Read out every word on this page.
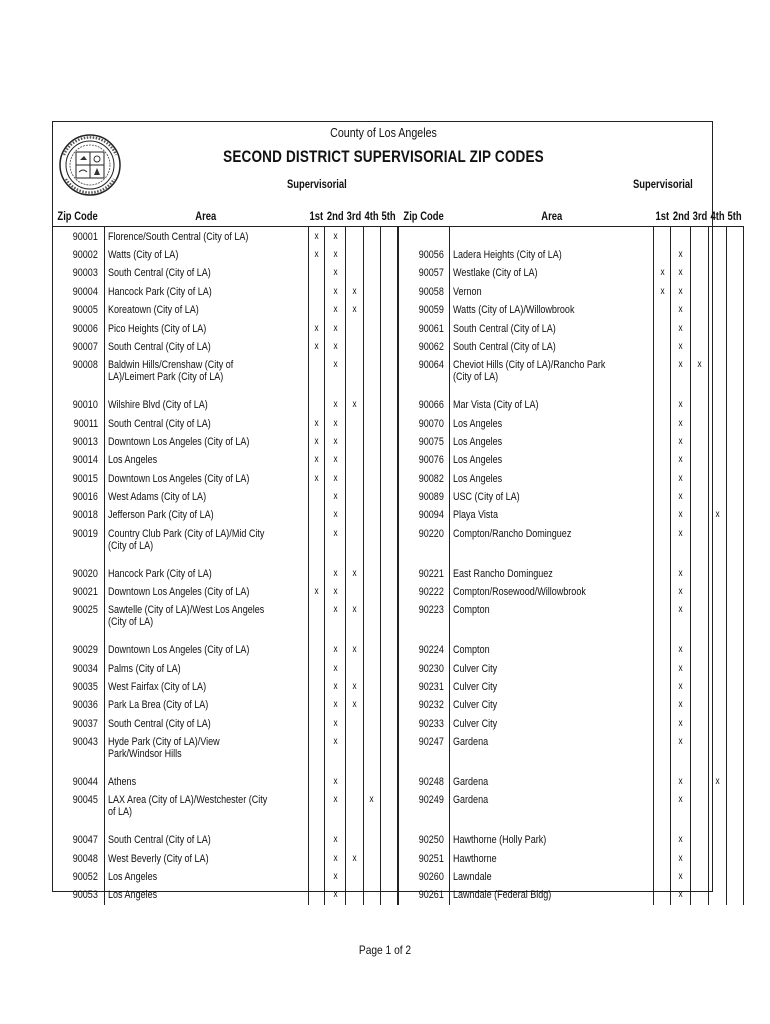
County of Los Angeles
SECOND DISTRICT SUPERVISORIAL ZIP CODES
Supervisorial	Supervisorial
Zip Code	Area	1st	2nd	3rd	4th	5th		Zip Code	Area	1st	2nd	3rd	4th	5th
90001	Florence/South Central (City of LA)	x	x											
90002	Watts (City of LA)	x	x					90056	Ladera Heights (City of LA)		x			
90003	South Central (City of LA)		x					90057	Westlake (City of LA)	x	x			
90004	Hancock Park (City of LA)		x	x				90058	Vernon	x	x			
90005	Koreatown (City of LA)		x	x				90059	Watts (City of LA)/Willowbrook		x			
90006	Pico Heights (City of LA)	x	x					90061	South Central (City of LA)		x			
90007	South Central (City of LA)	x	x					90062	South Central (City of LA)		x			
90008	Baldwin Hills/Crenshaw (City of LA)/Leimert Park (City of LA)		x					90064	Cheviot Hills (City of LA)/Rancho Park (City of LA)		x	x		
90010	Wilshire Blvd (City of LA)		x	x				90066	Mar Vista (City of LA)		x			
90011	South Central (City of LA)	x	x					90070	Los Angeles		x			
90013	Downtown Los Angeles (City of LA)	x	x					90075	Los Angeles		x			
90014	Los Angeles	x	x					90076	Los Angeles		x			
90015	Downtown Los Angeles (City of LA)	x	x					90082	Los Angeles		x			
90016	West Adams (City of LA)		x					90089	USC (City of LA)		x			
90018	Jefferson Park (City of LA)		x					90094	Playa Vista		x		x	
90019	Country Club Park (City of LA)/Mid City (City of LA)		x					90220	Compton/Rancho Dominguez		x			
90020	Hancock Park (City of LA)		x	x				90221	East Rancho Dominguez		x			
90021	Downtown Los Angeles (City of LA)	x	x					90222	Compton/Rosewood/Willowbrook		x			
90025	Sawtelle (City of LA)/West Los Angeles (City of LA)		x	x				90223	Compton		x			
90029	Downtown Los Angeles (City of LA)		x	x				90224	Compton		x			
90034	Palms (City of LA)		x					90230	Culver City		x			
90035	West Fairfax (City of LA)		x	x				90231	Culver City		x			
90036	Park La Brea (City of LA)		x	x				90232	Culver City		x			
90037	South Central (City of LA)		x					90233	Culver City		x			
90043	Hyde Park (City of LA)/View Park/Windsor Hills		x					90247	Gardena		x			
90044	Athens		x					90248	Gardena		x		x	
90045	LAX Area (City of LA)/Westchester (City of LA)		x		x			90249	Gardena		x			
90047	South Central (City of LA)		x					90250	Hawthorne (Holly Park)		x			
90048	West Beverly (City of LA)		x	x				90251	Hawthorne		x			
90052	Los Angeles		x					90260	Lawndale		x			
90053	Los Angeles		x					90261	Lawndale (Federal Bldg)		x			
Page 1 of 2
